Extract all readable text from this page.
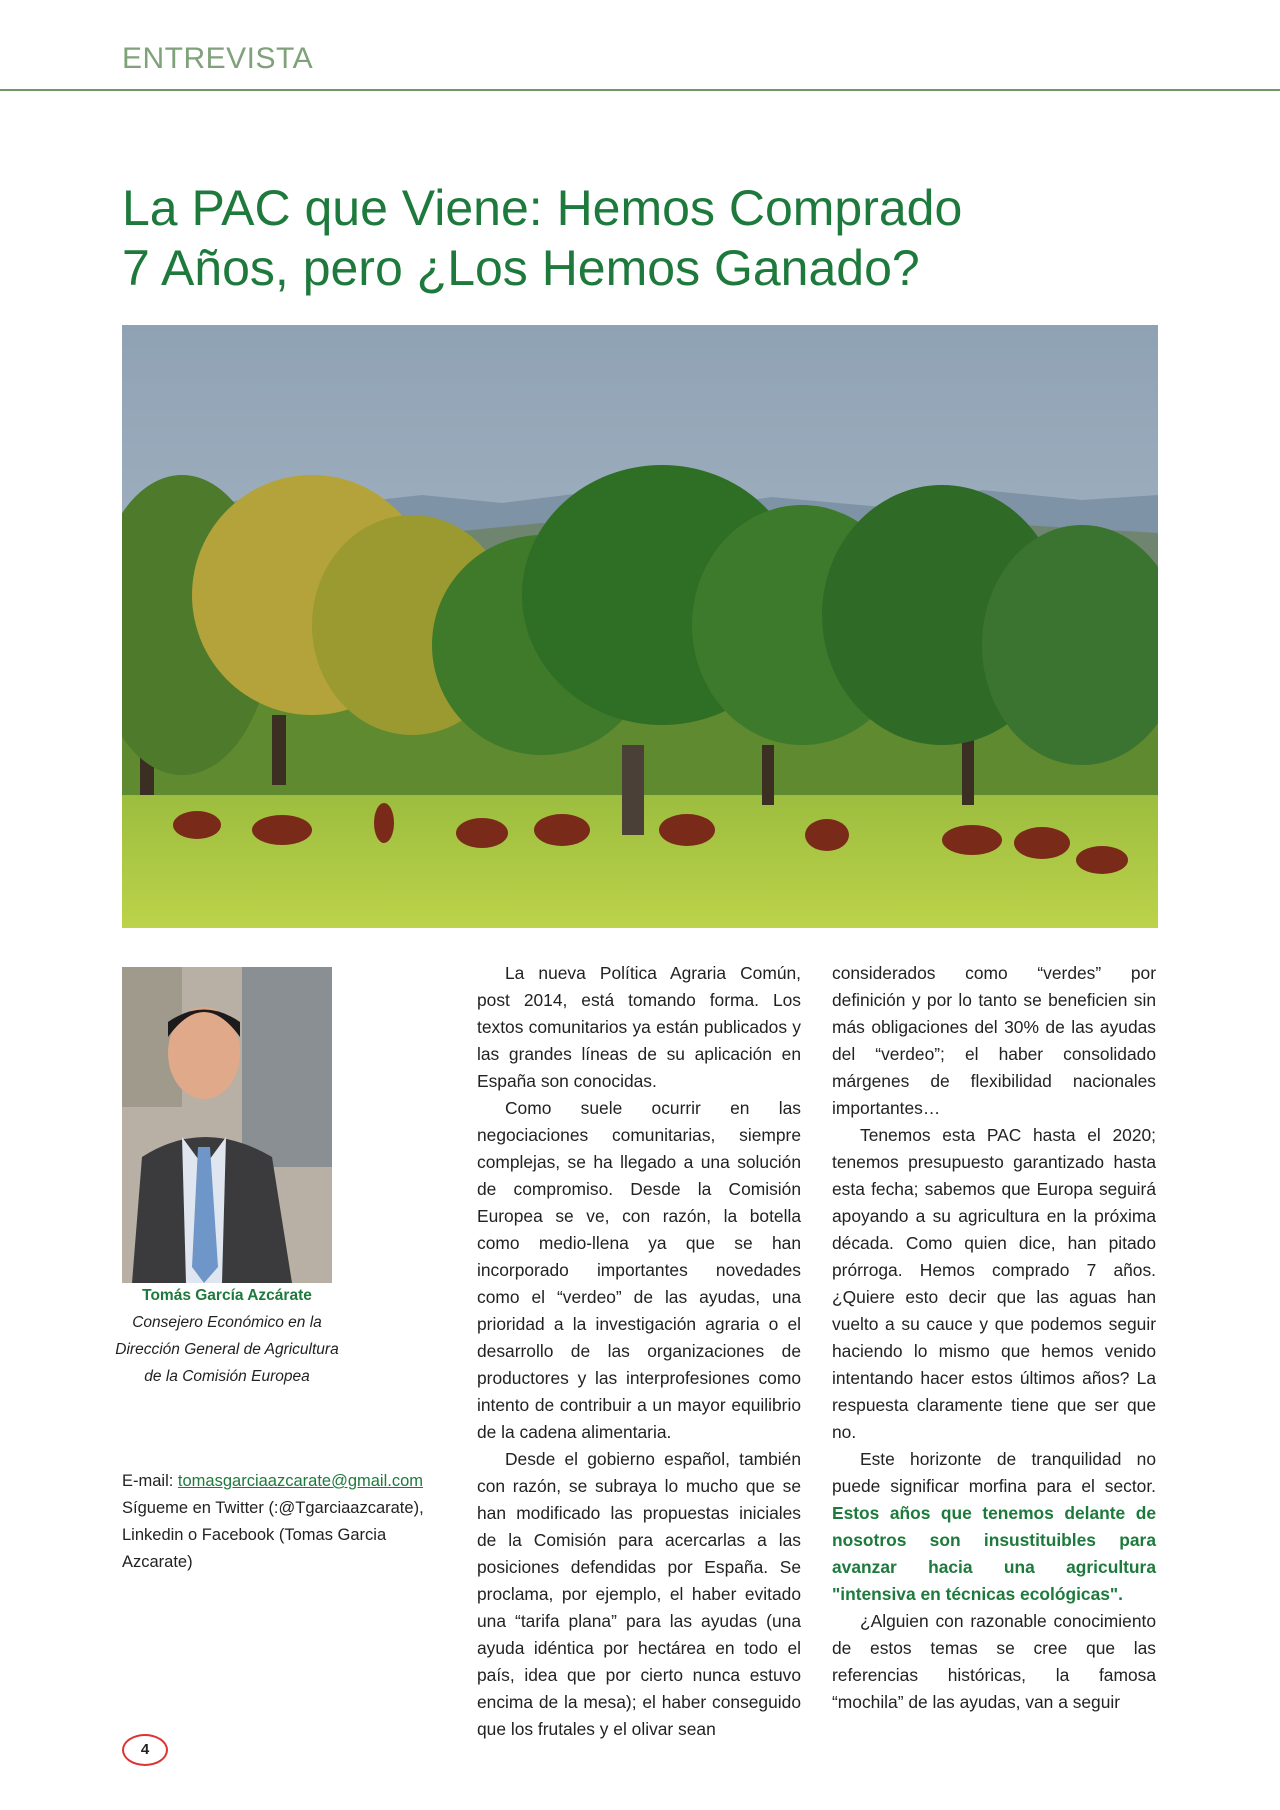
ENTREVISTA
La PAC que Viene: Hemos Comprado
7 Años, pero ¿Los Hemos Ganado?
Tomás García Azcárate
Consejero Económico en la
Dirección General de Agricultura
de la Comisión Europea
E-mail: tomasgarciaazcarate@gmail.com
Sígueme en Twitter (:@Tgarciaazcarate), Linkedin o Facebook (Tomas Garcia Azcarate)

La nueva Política Agraria Común, post 2014, está tomando forma. Los textos comunitarios ya están publicados y las grandes líneas de su aplicación en España son conocidas.

Como suele ocurrir en las negociaciones comunitarias, siempre complejas, se ha llegado a una solución de compromiso. Desde la Comisión Europea se ve, con razón, la botella como medio-llena ya que se han incorporado importantes novedades como el “verdeo” de las ayudas, una prioridad a la investigación agraria o el desarrollo de las organizaciones de productores y las interprofesiones como intento de contribuir a un mayor equilibrio de la cadena alimentaria.

Desde el gobierno español, también con razón, se subraya lo mucho que se han modificado las propuestas iniciales de la Comisión para acercarlas a las posiciones defendidas por España. Se proclama, por ejemplo, el haber evitado una “tarifa plana” para las ayudas (una ayuda idéntica por hectárea en todo el país, idea que por cierto nunca estuvo encima de la mesa); el haber conseguido que los frutales y el olivar sean

considerados como “verdes” por definición y por lo tanto se beneficien sin más obligaciones del 30% de las ayudas del “verdeo”; el haber consolidado márgenes de flexibilidad nacionales importantes…

Tenemos esta PAC hasta el 2020; tenemos presupuesto garantizado hasta esta fecha; sabemos que Europa seguirá apoyando a su agricultura en la próxima década. Como quien dice, han pitado prórroga. Hemos comprado 7 años. ¿Quiere esto decir que las aguas han vuelto a su cauce y que podemos seguir haciendo lo mismo que hemos venido intentando hacer estos últimos años? La respuesta claramente tiene que ser que no.

Este horizonte de tranquilidad no puede significar morfina para el sector. Estos años que tenemos delante de nosotros son insustituibles para avanzar hacia una agricultura "intensiva en técnicas ecológicas".

¿Alguien con razonable conocimiento de estos temas se cree que las referencias históricas, la famosa “mochila” de las ayudas, van a seguir

4
